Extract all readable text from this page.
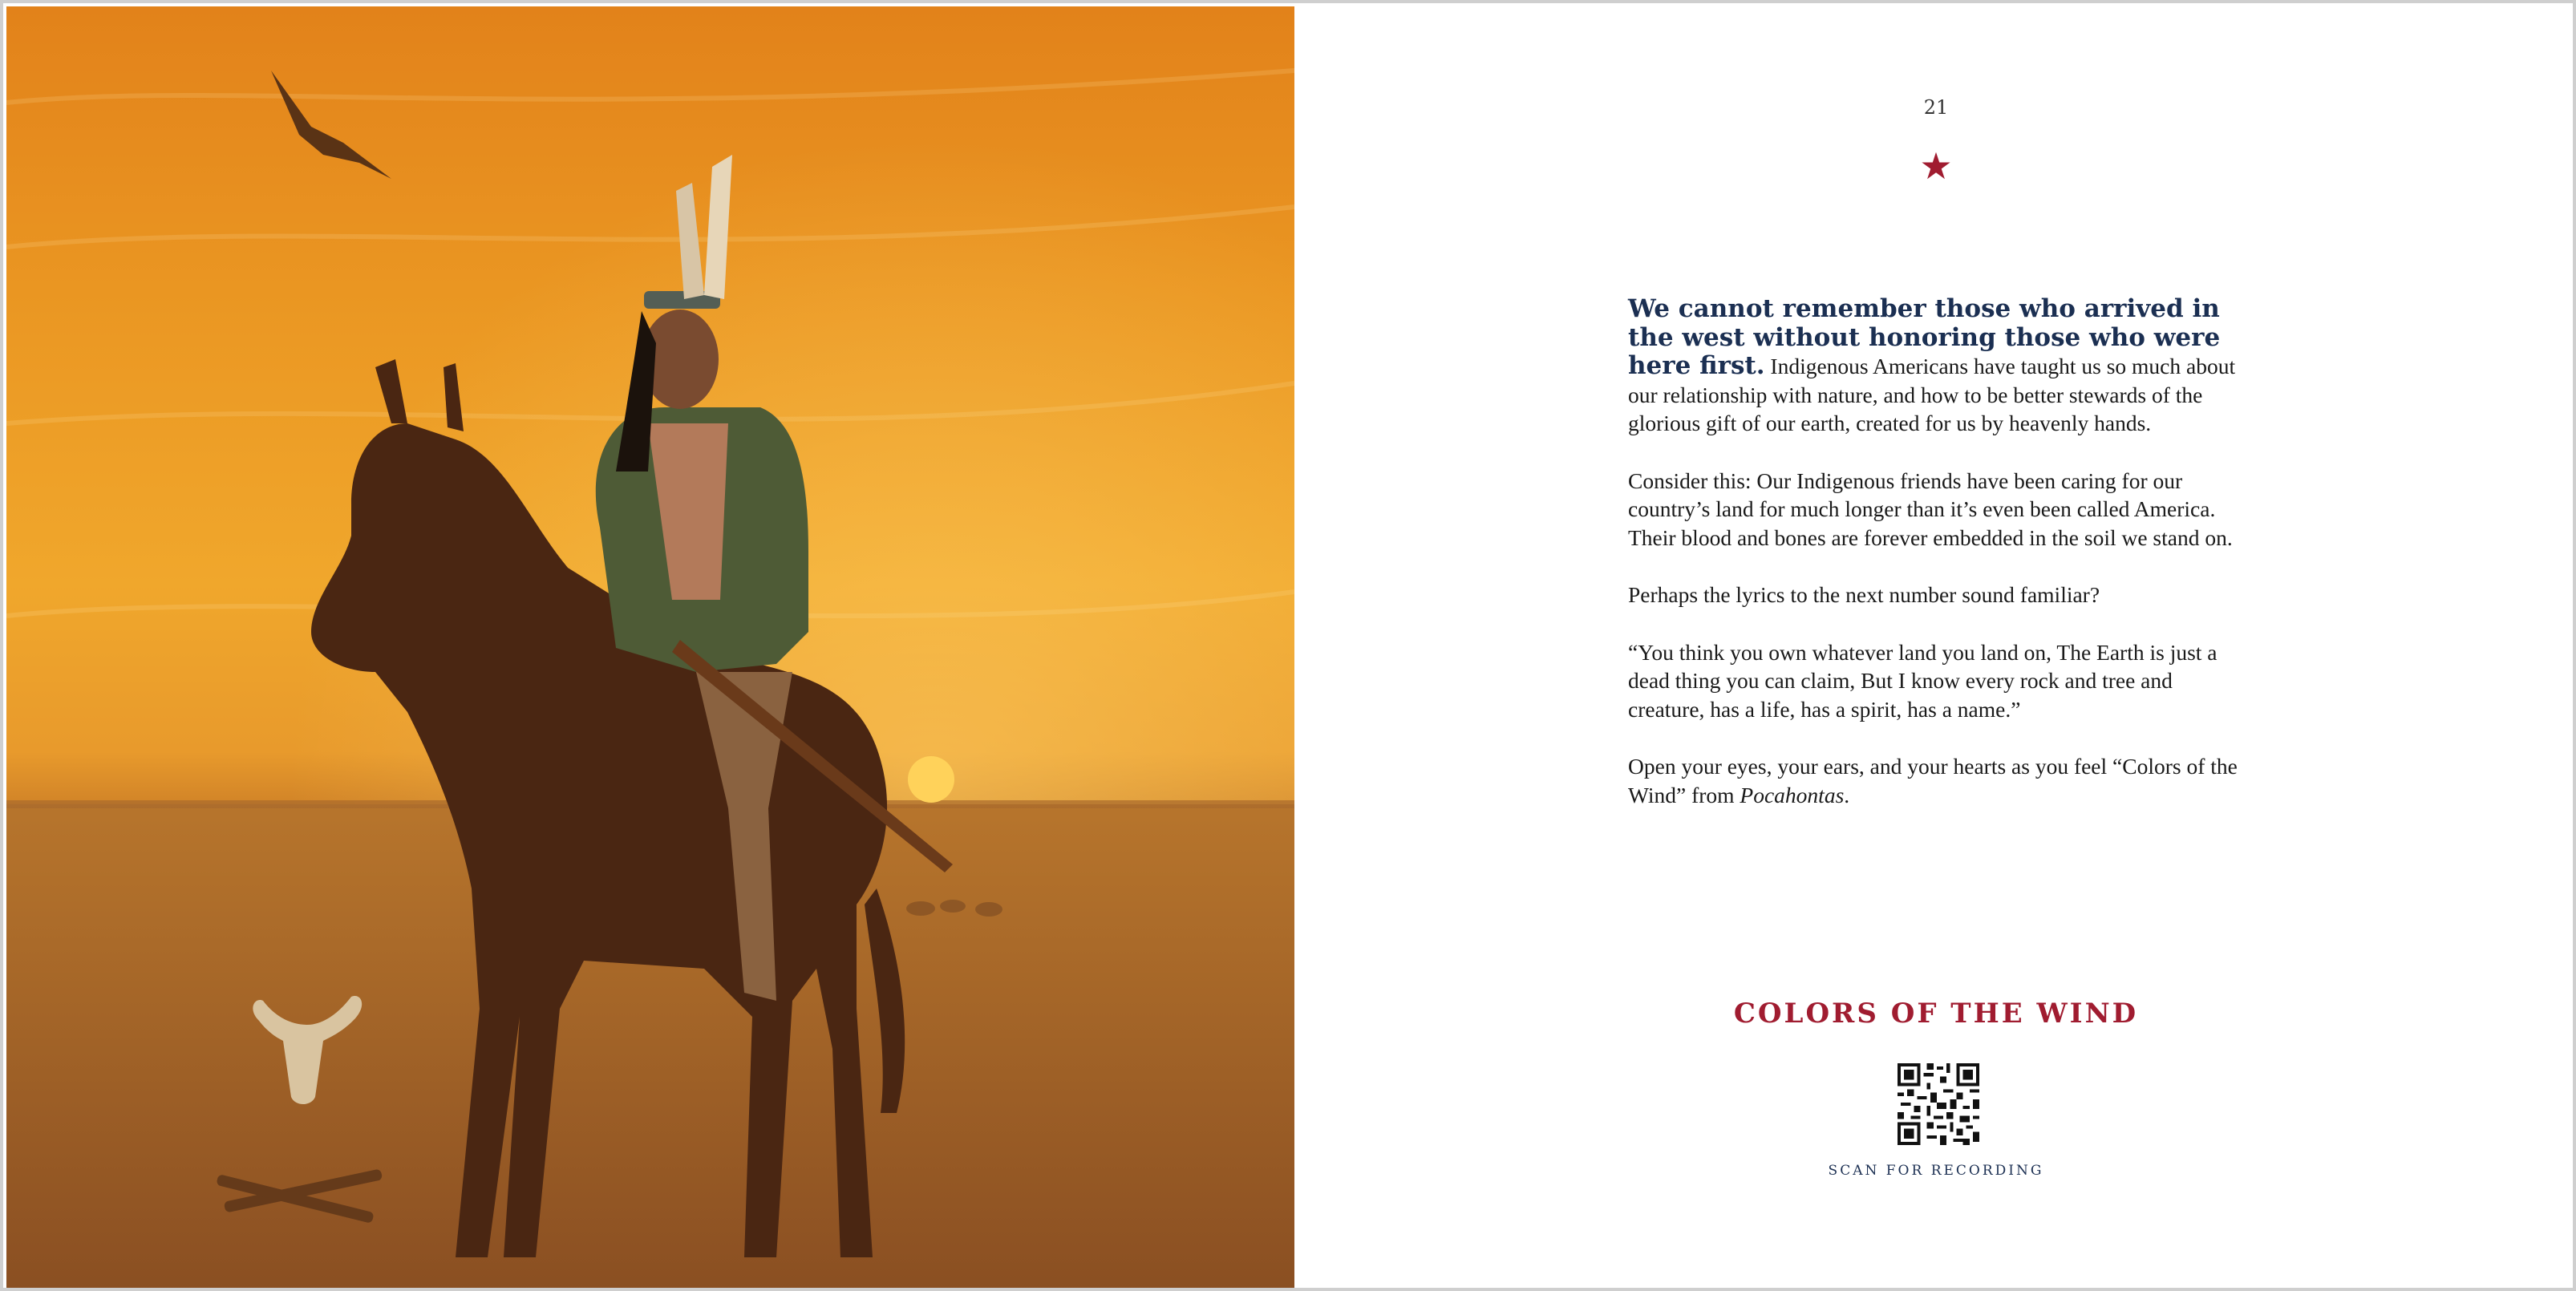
21
★

We cannot remember those who arrived in the west without honoring those who were here first. Indigenous Americans have taught us so much about our relationship with nature, and how to be better stewards of the glorious gift of our earth, created for us by heavenly hands.

Consider this: Our Indigenous friends have been caring for our country’s land for much longer than it’s even been called America. Their blood and bones are forever embedded in the soil we stand on.

Perhaps the lyrics to the next number sound familiar?

“You think you own whatever land you land on, The Earth is just a dead thing you can claim, But I know every rock and tree and creature, has a life, has a spirit, has a name.”

Open your eyes, your ears, and your hearts as you feel “Colors of the Wind” from Pocahontas.

COLORS OF THE WIND
SCAN FOR RECORDING
